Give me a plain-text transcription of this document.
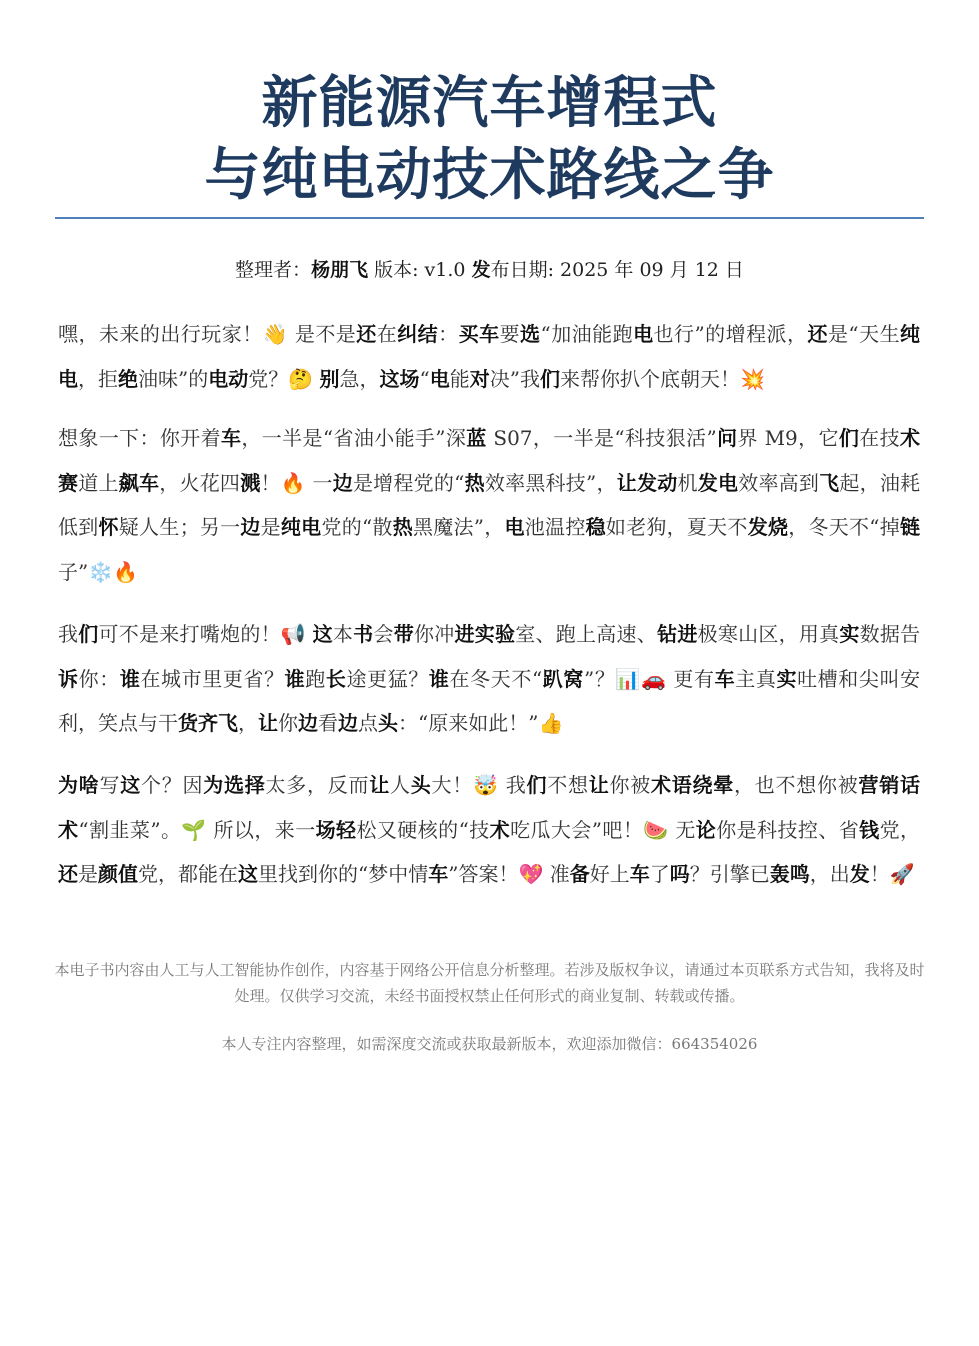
新能源汽车增程式
与纯电动技术路线之争
整理者：杨朋飞 版本: v1.0 发布日期: 2025 年 09 月 12 日

嘿，未来的出行玩家！👋 是不是还在纠结：买车要选“加油能跑电也行”的增程派，还是“天生纯电，拒绝油味”的电动党？🤔 别急，这场“电能对决”我们来帮你扒个底朝天！💥

想象一下：你开着车，一半是“省油小能手”深蓝 S07，一半是“科技狠活”问界 M9，它们在技术赛道上飙车，火花四溅！🔥 一边是增程党的“热效率黑科技”，让发动机发电效率高到飞起，油耗低到怀疑人生；另一边是纯电党的“散热黑魔法”，电池温控稳如老狗，夏天不发烧，冬天不“掉链子”❄️🔥

我们可不是来打嘴炮的！📢 这本书会带你冲进实验室、跑上高速、钻进极寒山区，用真实数据告诉你：谁在城市里更省？谁跑长途更猛？谁在冬天不“趴窝”？📊🚗 更有车主真实吐槽和尖叫安利，笑点与干货齐飞，让你边看边点头：“原来如此！”👍

为啥写这个？因为选择太多，反而让人头大！🤯 我们不想让你被术语绕晕，也不想你被营销话术“割韭菜”。🌱 所以，来一场轻松又硬核的“技术吃瓜大会”吧！🍉 无论你是科技控、省钱党，还是颜值党，都能在这里找到你的“梦中情车”答案！💖 准备好上车了吗？引擎已轰鸣，出发！🚀

本电子书内容由人工与人工智能协作创作，内容基于网络公开信息分析整理。若涉及版权争议，请通过本页联系方式告知，我将及时处理。仅供学习交流，未经书面授权禁止任何形式的商业复制、转载或传播。
本人专注内容整理，如需深度交流或获取最新版本，欢迎添加微信：664354026
